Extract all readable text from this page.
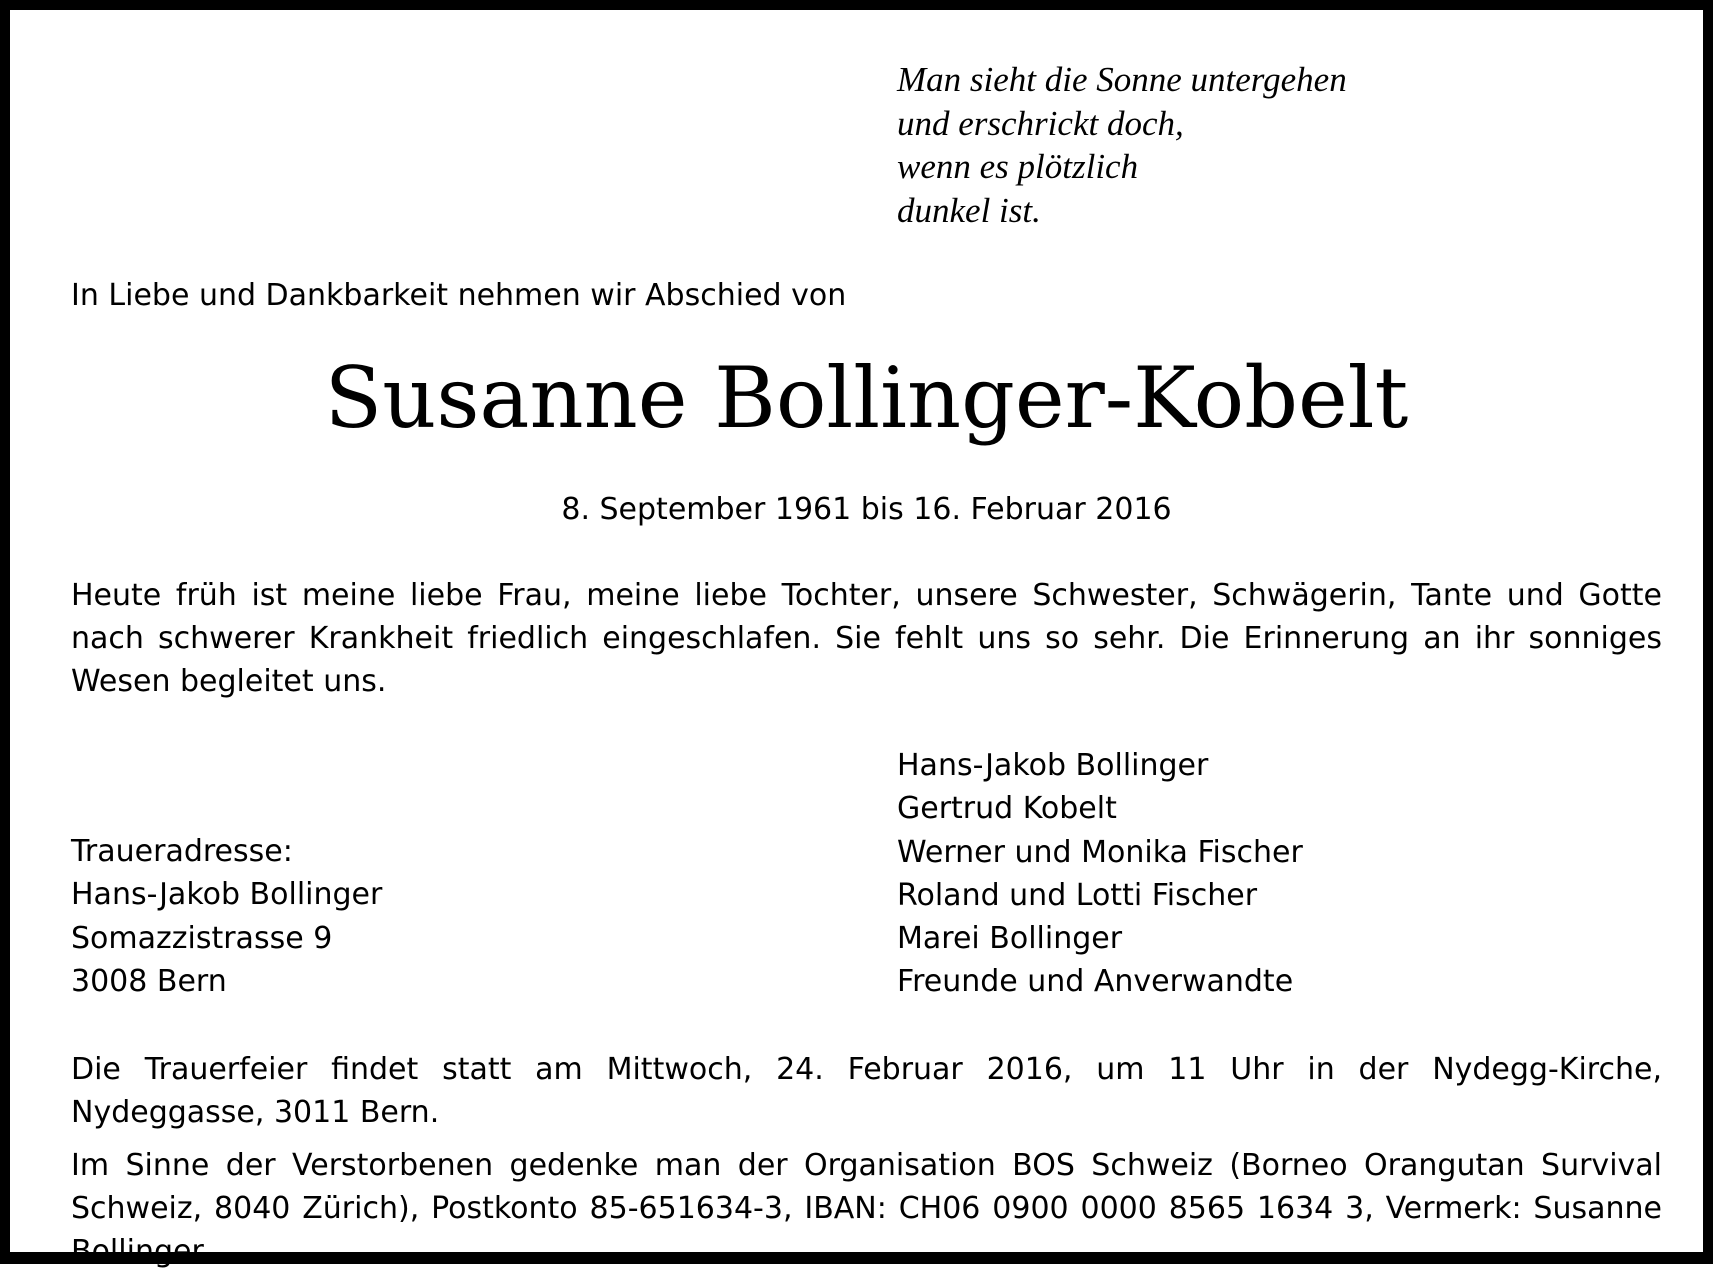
Man sieht die Sonne untergehen
und erschrickt doch,
wenn es plötzlich
dunkel ist.
In Liebe und Dankbarkeit nehmen wir Abschied von
Susanne Bollinger-Kobelt
8. September 1961 bis 16. Februar 2016
Heute früh ist meine liebe Frau, meine liebe Tochter, unsere Schwester, Schwägerin, Tante und Gotte nach schwerer Krankheit friedlich eingeschlafen. Sie fehlt uns so sehr. Die Erinnerung an ihr sonniges Wesen begleitet uns.
Hans-Jakob Bollinger
Gertrud Kobelt
Werner und Monika Fischer
Roland und Lotti Fischer
Marei Bollinger
Freunde und Anverwandte
Traueradresse:
Hans-Jakob Bollinger
Somazzistrasse 9
3008 Bern
Die Trauerfeier findet statt am Mittwoch, 24. Februar 2016, um 11 Uhr in der Nydegg-Kirche, Nydeggasse, 3011 Bern.
Im Sinne der Verstorbenen gedenke man der Organisation BOS Schweiz (Borneo Orangutan Survival Schweiz, 8040 Zürich), Postkonto 85-651634-3, IBAN: CH06 0900 0000 8565 1634 3, Vermerk: Susanne Bollinger.
